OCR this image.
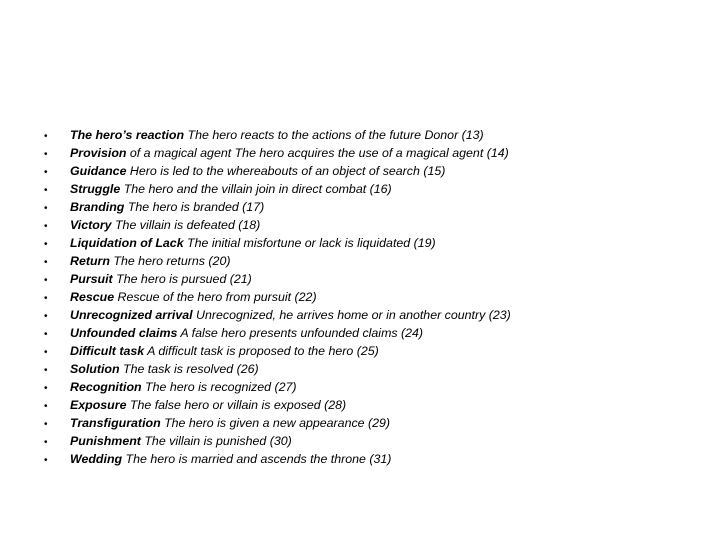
•	The hero’s reaction The hero reacts to the actions of the future Donor (13)
•	Provision of a magical agent The hero acquires the use of a magical agent (14)
•	Guidance Hero is led to the whereabouts of an object of search (15)
•	Struggle The hero and the villain join in direct combat (16)
•	Branding The hero is branded (17)
•	Victory The villain is defeated (18)
•	Liquidation of Lack The initial misfortune or lack is liquidated (19)
•	Return The hero returns (20)
•	Pursuit The hero is pursued (21)
•	Rescue Rescue of the hero from pursuit (22)
•	Unrecognized arrival Unrecognized, he arrives home or in another country (23)
•	Unfounded claims A false hero presents unfounded claims (24)
•	Difficult task A difficult task is proposed to the hero (25)
•	Solution The task is resolved (26)
•	Recognition The hero is recognized (27)
•	Exposure The false hero or villain is exposed (28)
•	Transfiguration The hero is given a new appearance (29)
•	Punishment The villain is punished (30)
•	Wedding The hero is married and ascends the throne (31)
